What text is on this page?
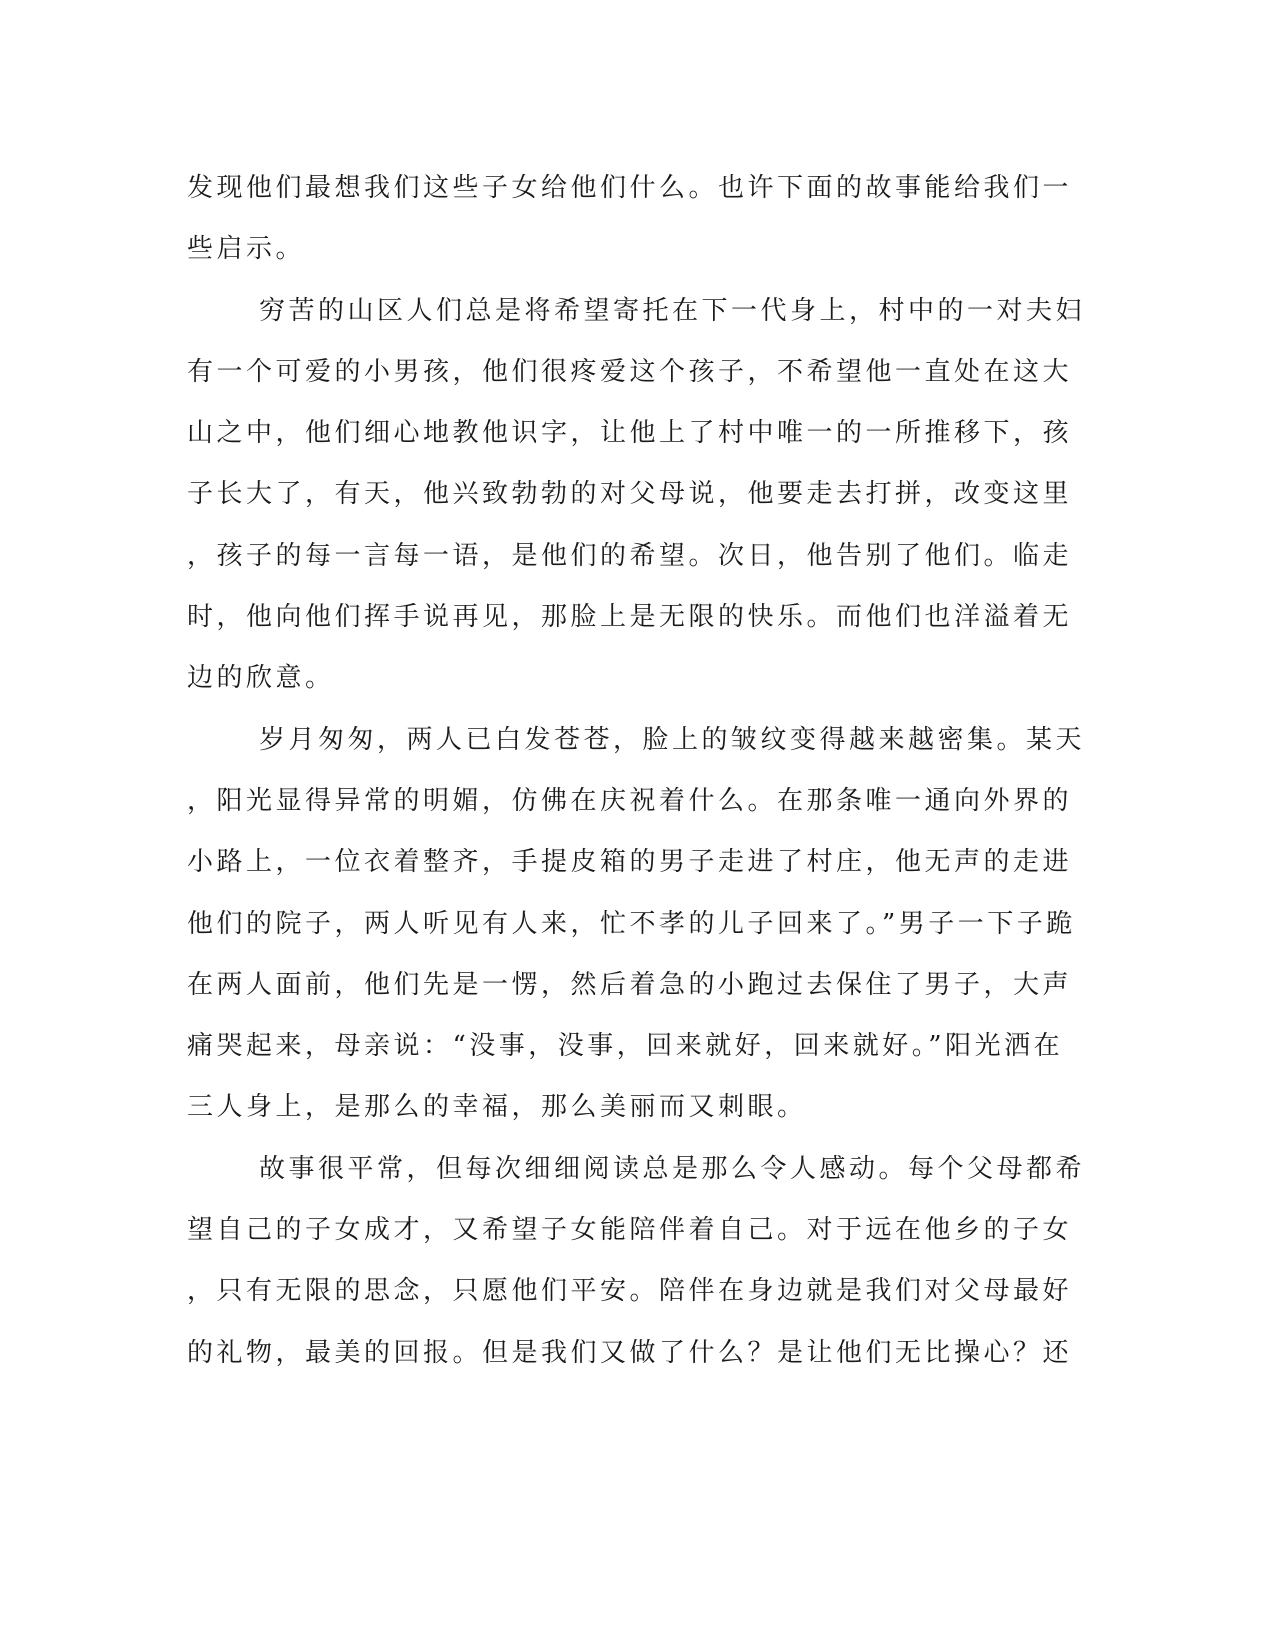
发现他们最想我们这些子女给他们什么。也许下面的故事能给我们一
些启示。
穷苦的山区人们总是将希望寄托在下一代身上，村中的一对夫妇
有一个可爱的小男孩，他们很疼爱这个孩子，不希望他一直处在这大
山之中，他们细心地教他识字，让他上了村中唯一的一所推移下，孩
子长大了，有天，他兴致勃勃的对父母说，他要走去打拼，改变这里
，孩子的每一言每一语，是他们的希望。次日，他告别了他们。临走
时，他向他们挥手说再见，那脸上是无限的快乐。而他们也洋溢着无
边的欣意。
岁月匆匆，两人已白发苍苍，脸上的皱纹变得越来越密集。某天
，阳光显得异常的明媚，仿佛在庆祝着什么。在那条唯一通向外界的
小路上，一位衣着整齐，手提皮箱的男子走进了村庄，他无声的走进
他们的院子，两人听见有人来，忙不孝的儿子回来了。”男子一下子跪
在两人面前，他们先是一愣，然后着急的小跑过去保住了男子，大声
痛哭起来，母亲说：“没事，没事，回来就好，回来就好。”阳光洒在
三人身上，是那么的幸福，那么美丽而又刺眼。
故事很平常，但每次细细阅读总是那么令人感动。每个父母都希
望自己的子女成才，又希望子女能陪伴着自己。对于远在他乡的子女
，只有无限的思念，只愿他们平安。陪伴在身边就是我们对父母最好
的礼物，最美的回报。但是我们又做了什么？是让他们无比操心？还
